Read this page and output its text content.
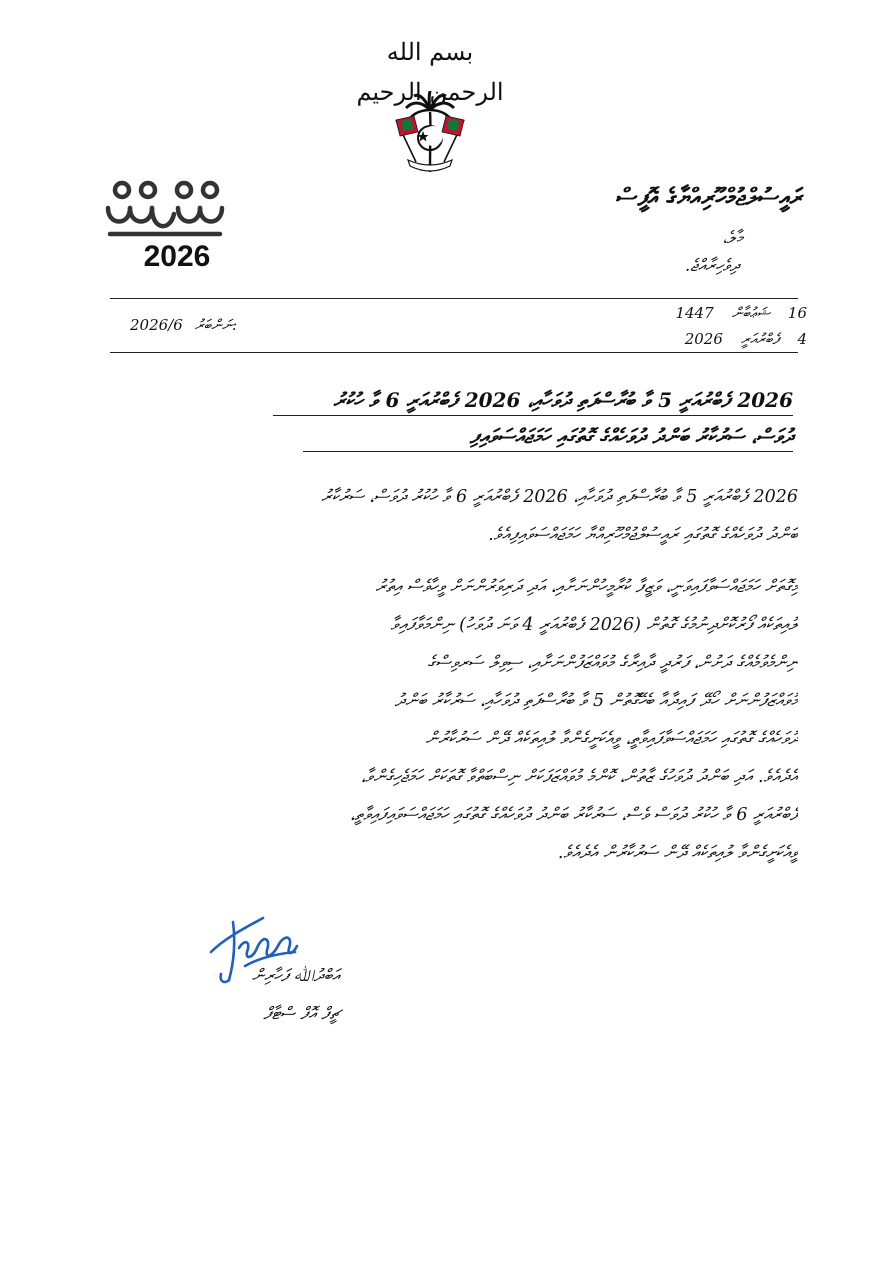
بسم الله الرحمن الرحيم
2026
ރައީސުލްޖުމްހޫރިއްޔާގެ އޮފީސް
މާލެ،
ދިވެހިރާއްޖެ.
16ޝަޢުބާން1447
4ފެބްރުއަރީ2026
2026/6 ނަންބަރު:
2026 ފެބްރުއަރީ 5 ވާ ބުރާސްފަތި ދުވަހާއި، 2026 ފެބްރުއަރީ 6 ވާ ހުކުރު
ދުވަސް، ސަރުކާރު ބަންދު ދުވަހެއްގެ ގޮތުގައި ހަމަޖައްސަވައިފި
2026 ފެބްރުއަރީ 5 ވާ ބުރާސްފަތި ދުވަހާއި، 2026 ފެބްރުއަރީ 6 ވާ ހުކުރު ދުވަސް، ސަރުކާރު
ބަންދު ދުވަހެއްގެ ގޮތުގައި ރައީސުލްޖުމްހޫރިއްޔާ ހަމަޖައްސަވައިފިއެވެ.
މިގޮތަށް ހަމަޖައްސަވާފައިވަނީ، ވަޒީފާ ކުރާމީހުންނަށާއި، އަދި ދަރިވަރުންނަށް ވީހާވެސް އިތުރު
ލުއިތަކެއް ފޯރުކޮށްދިނުމުގެ ގޮތުން (2026 ފެބްރުއަރީ 4 ވަނަ ދުވަހު) ނިންމަވާފައިވާ
ނިންމެވުމެއްގެ ދަށުން، ފަރުދީ ދާއިރާގެ މުވައްޒަފުންނަށާއި، ސިވިލް ސަރވިސްގެ
މުވައްޒަފުންނަށް ހޯދޭ ފައިދާއާ ބެހޭގޮތުން 5 ވާ ބުރާސްފަތި ދުވަހާއި، ސަރުކާރު ބަންދު
ދުވަހެއްގެ ގޮތުގައި ހަމަޖައްސަވާފައިވާތީ، ވީއެކަށީގެންވާ ލުއިތަކެއް ދޭން ސަރުކާރުން
އެދެއެވެ. އަދި ބަންދު ދުވަހުގެ ޒާތުން، ކޮންމެ މުވައްޒަފަކަށް ނިސްބަތްވާ ގޮތަކަށް ހަމަޖެހިގެންވާ،
ފެބްރުއަރީ 6 ވާ ހުކުރު ދުވަސް ވެސް، ސަރުކާރު ބަންދު ދުވަހެއްގެ ގޮތުގައި ހަމަޖައްސަވައިފައިވާތީ،
ވީއެކަށީގެންވާ ލުއިތަކެއް ދޭން ސަރުކާރުން އެދެއެވެ.
އަބްދުﷲ ފަހާރިން
ޗީފް އޮފް ސްޓާފް
